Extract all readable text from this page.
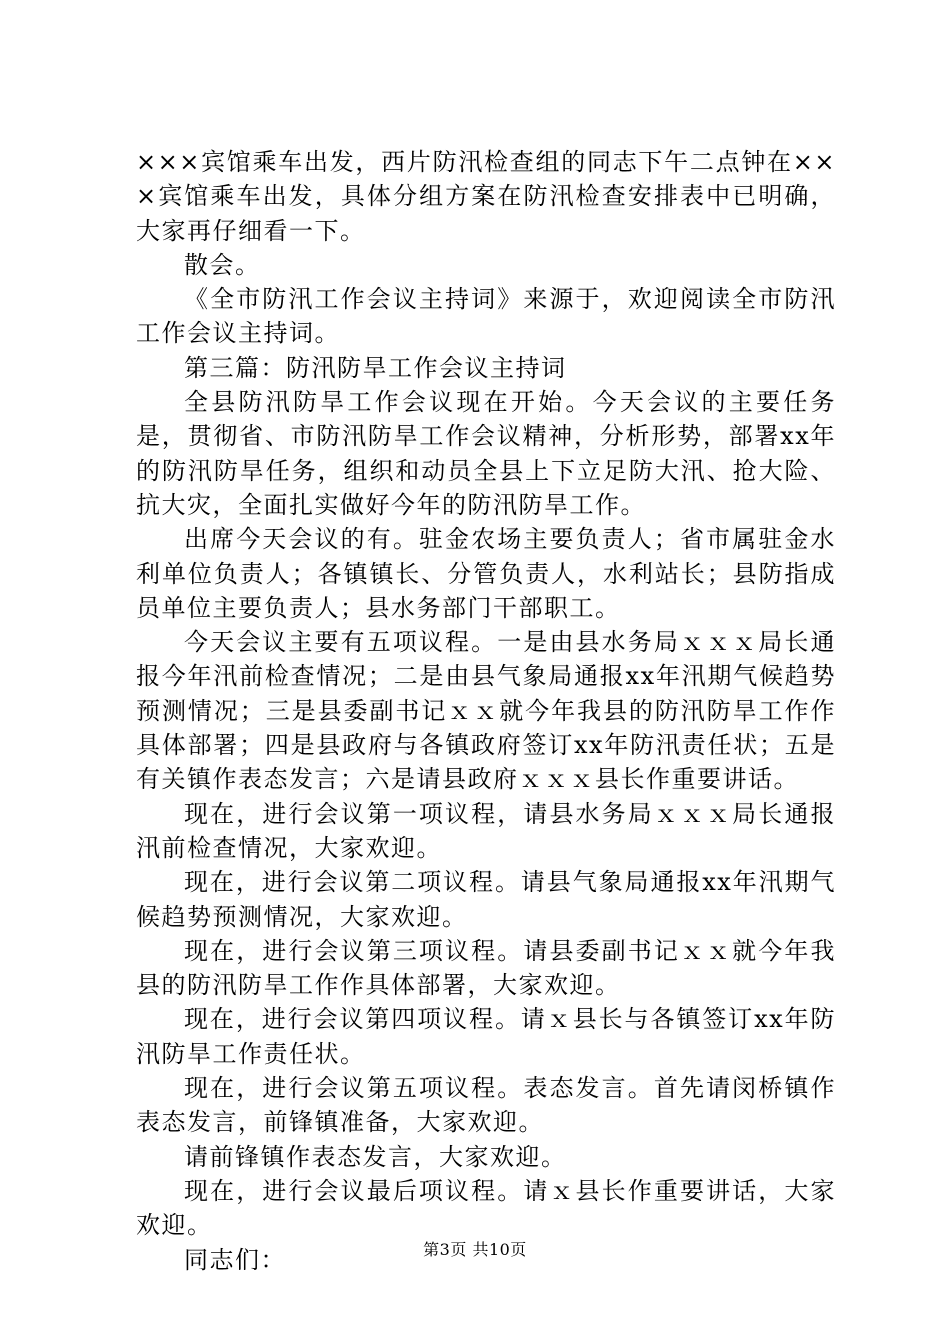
×××宾馆乘车出发，西片防汛检查组的同志下午二点钟在×××宾馆乘车出发，具体分组方案在防汛检查安排表中已明确，大家再仔细看一下。

散会。

《全市防汛工作会议主持词》来源于，欢迎阅读全市防汛工作会议主持词。

第三篇：防汛防旱工作会议主持词

全县防汛防旱工作会议现在开始。今天会议的主要任务是，贯彻省、市防汛防旱工作会议精神，分析形势，部署xx年的防汛防旱任务，组织和动员全县上下立足防大汛、抢大险、抗大灾，全面扎实做好今年的防汛防旱工作。

出席今天会议的有。驻金农场主要负责人；省市属驻金水利单位负责人；各镇镇长、分管负责人，水利站长；县防指成员单位主要负责人；县水务部门干部职工。

今天会议主要有五项议程。一是由县水务局ｘｘｘ局长通报今年汛前检查情况；二是由县气象局通报xx年汛期气候趋势预测情况；三是县委副书记ｘｘ就今年我县的防汛防旱工作作具体部署；四是县政府与各镇政府签订xx年防汛责任状；五是有关镇作表态发言；六是请县政府ｘｘｘ县长作重要讲话。

现在，进行会议第一项议程，请县水务局ｘｘｘ局长通报汛前检查情况，大家欢迎。

现在，进行会议第二项议程。请县气象局通报xx年汛期气候趋势预测情况，大家欢迎。

现在，进行会议第三项议程。请县委副书记ｘｘ就今年我县的防汛防旱工作作具体部署，大家欢迎。

现在，进行会议第四项议程。请ｘ县长与各镇签订xx年防汛防旱工作责任状。

现在，进行会议第五项议程。表态发言。首先请闵桥镇作表态发言，前锋镇准备，大家欢迎。

请前锋镇作表态发言，大家欢迎。

现在，进行会议最后项议程。请ｘ县长作重要讲话，大家欢迎。

同志们：	第3页 共10页
